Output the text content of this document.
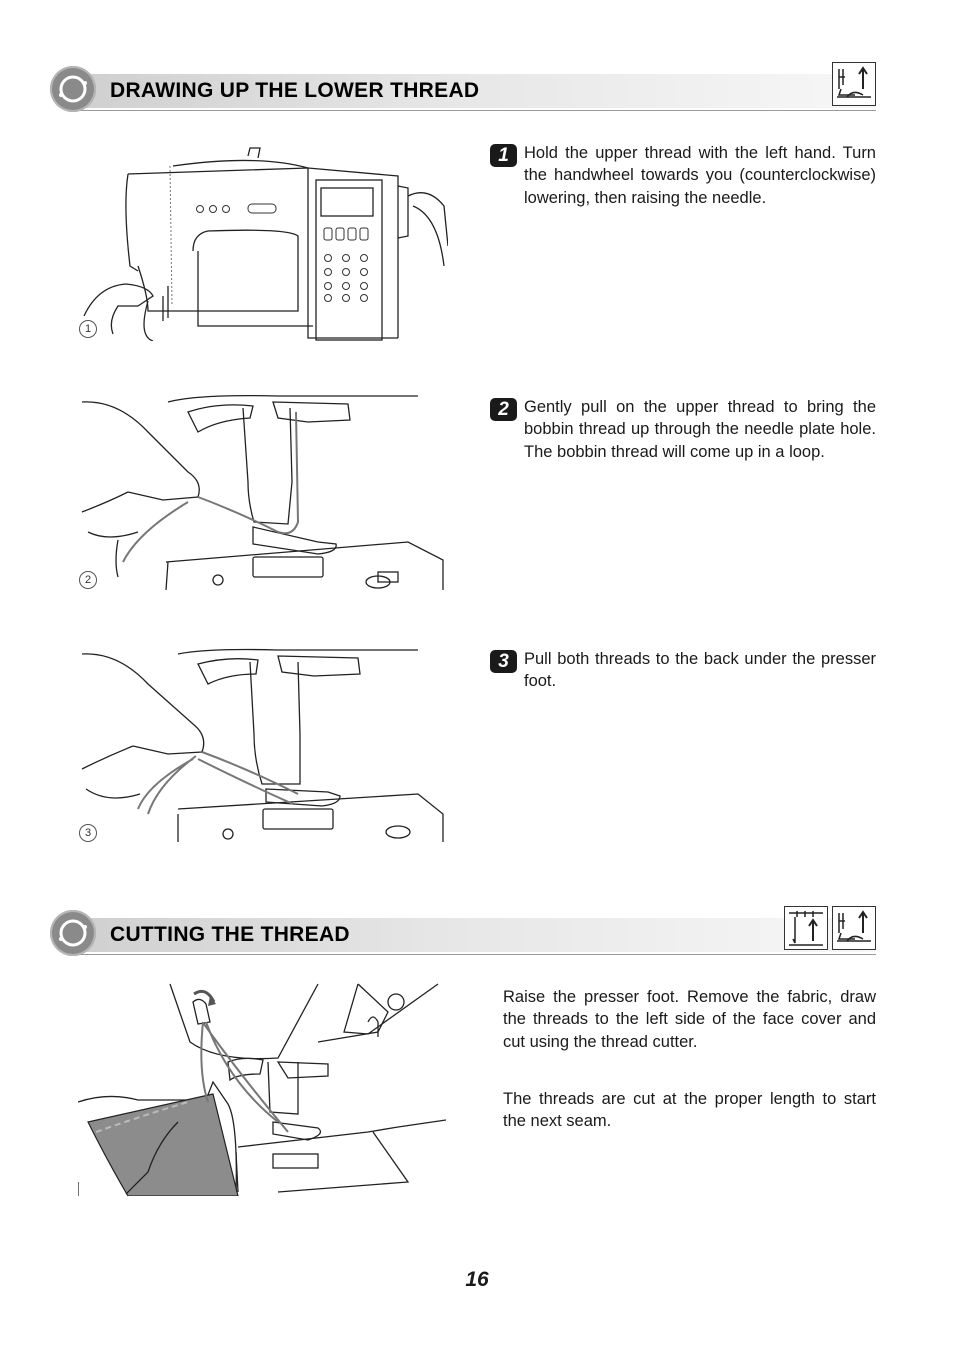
DRAWING UP THE LOWER THREAD
1
1 Hold the upper thread with the left hand. Turn the handwheel towards you (counterclockwise) lowering, then raising the needle.
2
2 Gently pull on the upper thread to bring the bobbin thread up through the needle plate hole. The bobbin thread will come up in a loop.
3
3 Pull both threads to the back under the presser foot.
CUTTING THE THREAD
Raise the presser foot. Remove the fabric, draw the threads to the left side of the face cover and cut using the thread cutter.
The threads are cut at the proper length to start the next seam.
16
